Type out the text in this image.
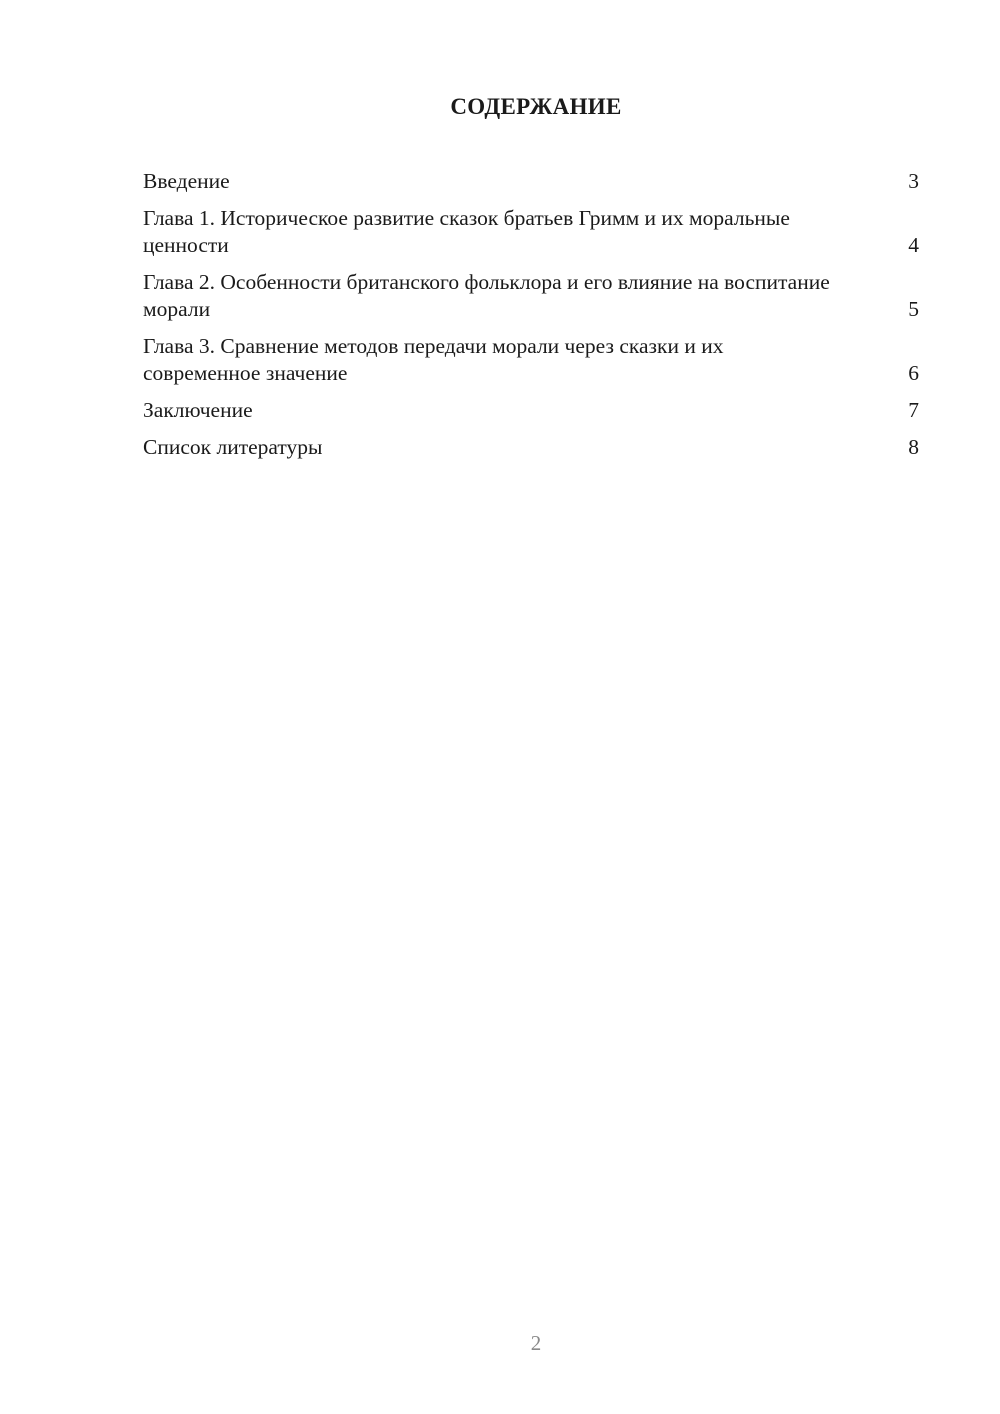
СОДЕРЖАНИЕ
Введение	3
Глава 1. Историческое развитие сказок братьев Гримм и их моральные ценности	4
Глава 2. Особенности британского фольклора и его влияние на воспитание морали	5
Глава 3. Сравнение методов передачи морали через сказки и их современное значение	6
Заключение	7
Список литературы	8
2
